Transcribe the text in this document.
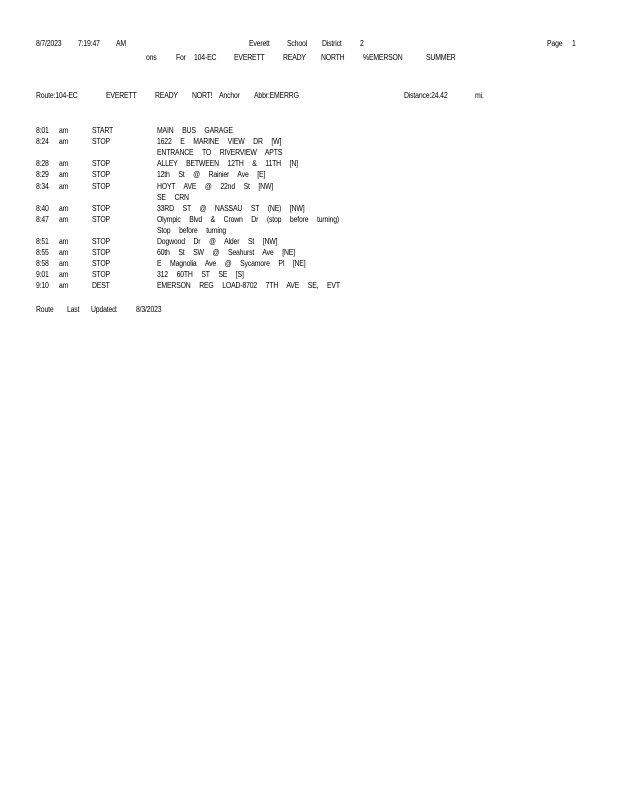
8/7/2023 7:19:47 AM	Everett School District 2	Page 1
ons For 104-EC EVERETT READY NORTH %EMERSON	SUMMER
Route:104-EC	EVERETT READY NORT! Anchor Abbr:EMERRG	Distance:24.42	mi.
8:01 am	START	MAIN BUS GARAGE
8:24 am	STOP	1622 E MARINE VIEW DR [W]
ENTRANCE TO RIVERVIEW APTS
8:28 am	STOP	ALLEY BETWEEN 12TH & 11TH [N]
8:29 am	STOP	12th St @ Rainier Ave [E]
8:34 am	STOP	HOYT AVE @ 22nd St [NW]
SE CRN
8:40 am	STOP	33RD ST @ NASSAU ST (NE) [NW]
8:47 am	STOP	Olympic Blvd & Crown Dr (stop before turning)
Stop before turning
8:51 am	STOP	Dogwood Dr @ Alder St [NW]
8:55 am	STOP	60th St SW @ Seahurst Ave [NE]
8:58 am	STOP	E Magnolia Ave @ Sycamore Pl [NE]
9:01 am	STOP	312 60TH ST SE [S]
9:10 am	DEST	EMERSON REG LOAD-8702 7TH AVE SE, EVT
Route Last Updated: 8/3/2023
